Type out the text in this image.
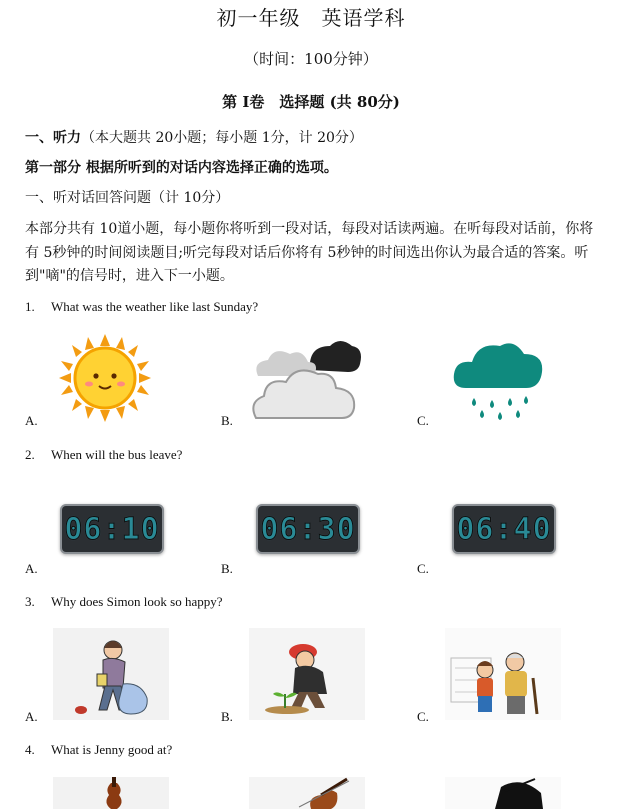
初一年级　英语学科
（时间：100分钟）
第 I卷　选择题 (共 80分)
一、听力（本大题共 20小题；每小题 1分，计 20分）
第一部分 根据所听到的对话内容选择正确的选项。
一、听对话回答问题（计 10分）
本部分共有 10道小题，每小题你将听到一段对话，每段对话读两遍。在听每段对话前，你将有 5秒钟的时间阅读题目;听完每段对话后你将有 5秒钟的时间选出你认为最合适的答案。听到"嘀"的信号时，进入下一小题。
1. What was the weather like last Sunday?
A.	B.	C.
2. When will the bus leave?
06:10	06:30	06:40
A.	B.	C.
3. Why does Simon look so happy?
A.	B.	C.
4. What is Jenny good at?
